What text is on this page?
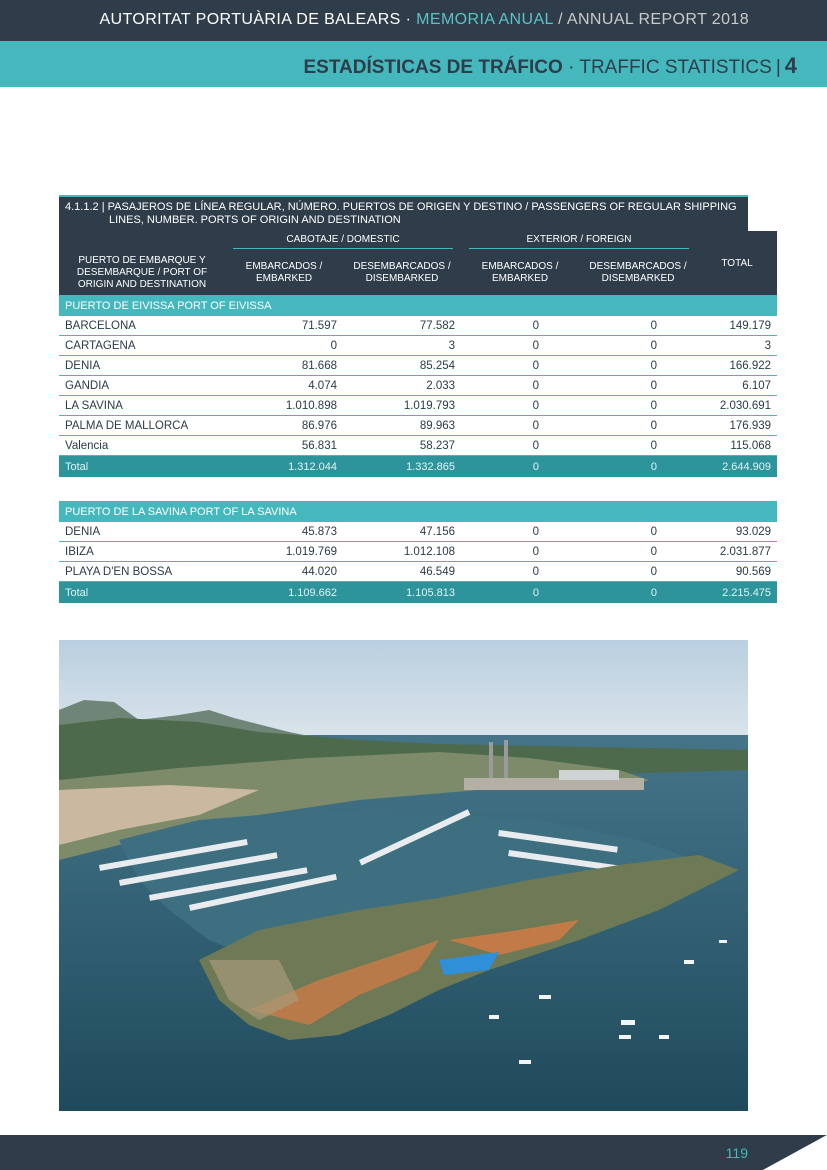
AUTORITAT PORTUÀRIA DE BALEARS · MEMORIA ANUAL / ANNUAL REPORT 2018
ESTADÍSTICAS DE TRÁFICO · TRAFFIC STATISTICS | 4
4.1.1.2 | PASAJEROS DE LÍNEA REGULAR, NÚMERO. PUERTOS DE ORIGEN Y DESTINO / PASSENGERS OF REGULAR SHIPPING
LINES, NUMBER. PORTS OF ORIGIN AND DESTINATION

	CABOTAJE / DOMESTIC		EXTERIOR / FOREIGN		TOTAL
PUERTO DE EMBARQUE Y DESEMBARQUE / PORT OF ORIGIN AND DESTINATION	EMBARCADOS / EMBARKED	DESEMBARCADOS / DISEMBARKED	EMBARCADOS / EMBARKED	DESEMBARCADOS / DISEMBARKED	
PUERTO DE EIVISSA PORT OF EIVISSA					
BARCELONA	71.597	77.582	0	0	149.179
CARTAGENA	0	3	0	0	3
DENIA	81.668	85.254	0	0	166.922
GANDIA	4.074	2.033	0	0	6.107
LA SAVINA	1.010.898	1.019.793	0	0	2.030.691
PALMA DE MALLORCA	86.976	89.963	0	0	176.939
Valencia	56.831	58.237	0	0	115.068
Total	1.312.044	1.332.865	0	0	2.644.909
PUERTO DE LA SAVINA PORT OF LA SAVINA					
DENIA	45.873	47.156	0	0	93.029
IBIZA	1.019.769	1.012.108	0	0	2.031.877
PLAYA D'EN BOSSA	44.020	46.549	0	0	90.569
Total	1.109.662	1.105.813	0	0	2.215.475
119
